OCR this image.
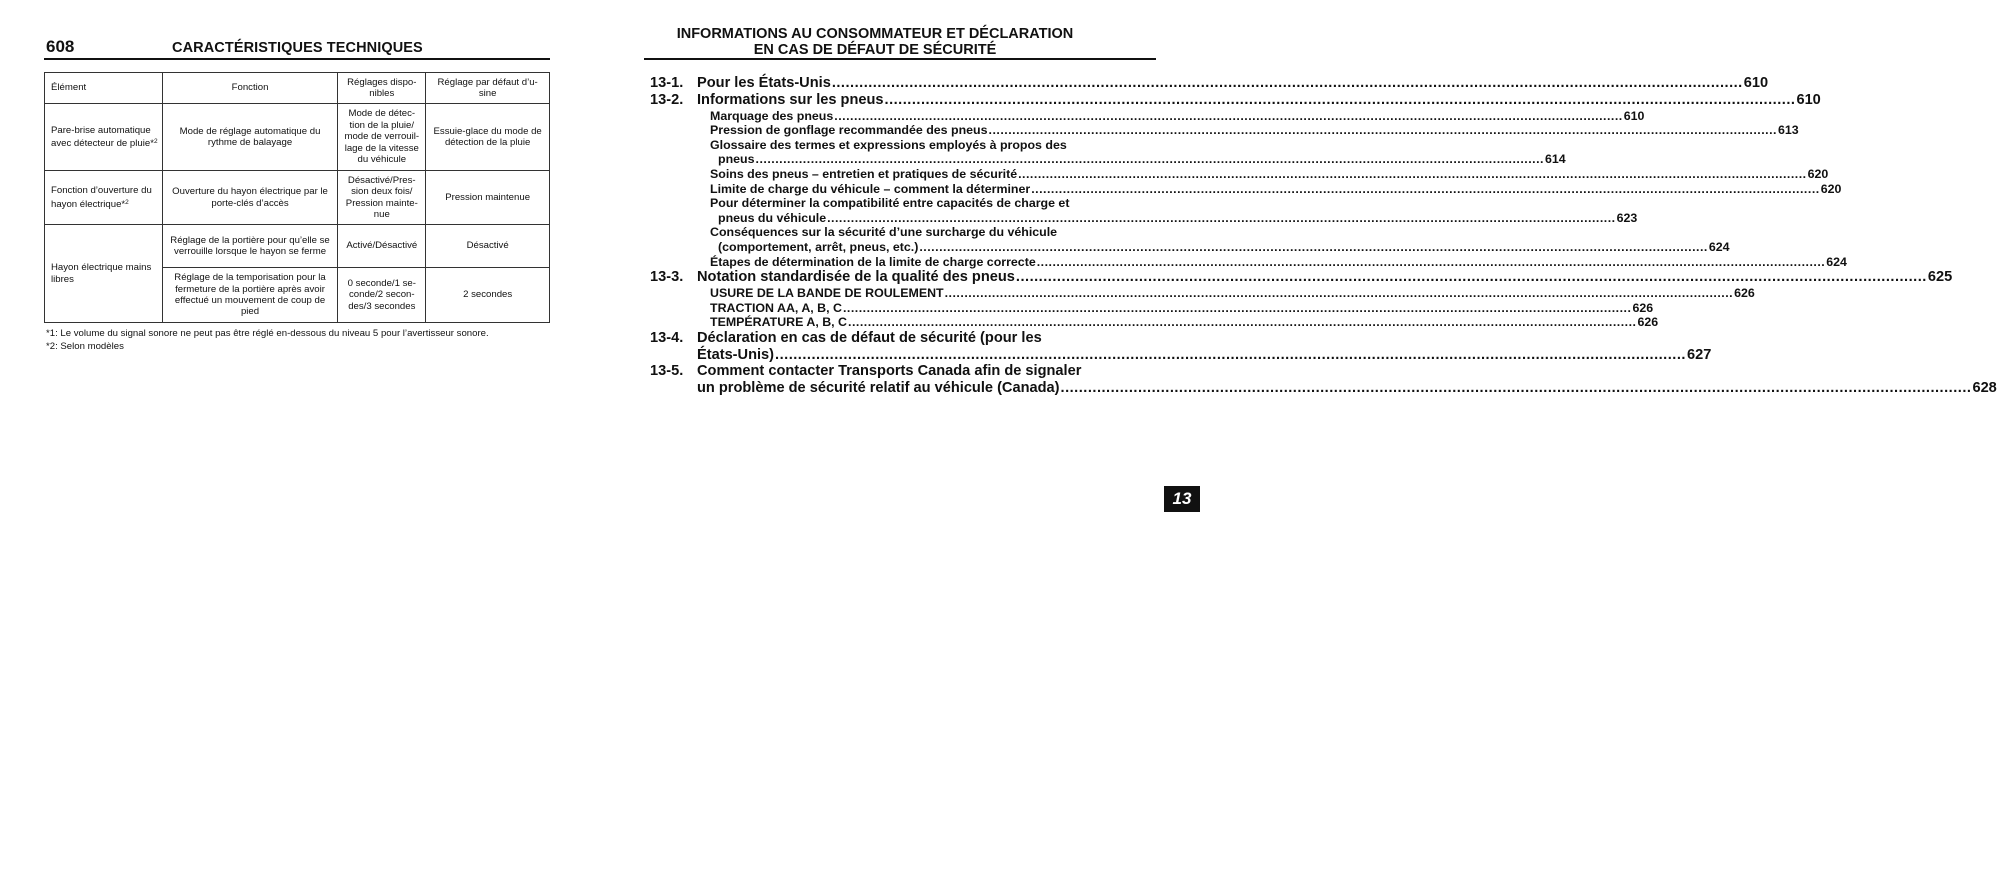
608	CARACTÉRISTIQUES TECHNIQUES
Élément	Fonction	Réglages dispo-nibles	Réglage par défaut d’u-sine
Pare-brise automatique avec détecteur de pluie*$^2$	Mode de réglage automatique du rythme de balayage	Mode de détec-tion de la pluie/ mode de verrouil-lage de la vitesse du véhicule	Essuie-glace du mode de détection de la pluie
Fonction d’ouverture du hayon électrique*$^2$	Ouverture du hayon électrique par le porte-clés d’accès	Désactivé/Pres-sion deux fois/ Pression mainte-nue	Pression maintenue
Hayon électrique mains libres	Réglage de la portière pour qu’elle se verrouille lorsque le hayon se ferme	Activé/Désactivé	Désactivé
	Réglage de la temporisation pour la fermeture de la portière après avoir effectué un mouvement de coup de pied	0 seconde/1 se-conde/2 secon-des/3 secondes	2 secondes
*1: Le volume du signal sonore ne peut pas être réglé en-dessous du niveau 5 pour l’avertisseur sonore.
*2: Selon modèles
INFORMATIONS AU CONSOMMATEUR ET DÉCLARATION
EN CAS DE DÉFAUT DE SÉCURITÉ
13-1. Pour les États-Unis .....	610
13-2. Informations sur les pneus .....	610
Marquage des pneus .....	610
Pression de gonflage recommandée des pneus .....	613
Glossaire des termes et expressions employés à propos des
pneus .....	614
Soins des pneus – entretien et pratiques de sécurité .....	620
Limite de charge du véhicule – comment la déterminer .....	620
Pour déterminer la compatibilité entre capacités de charge et
pneus du véhicule .....	623
Conséquences sur la sécurité d’une surcharge du véhicule
(comportement, arrêt, pneus, etc.) .....	624
Étapes de détermination de la limite de charge correcte .....	624
13-3. Notation standardisée de la qualité des pneus .....	625
USURE DE LA BANDE DE ROULEMENT .....	626
TRACTION AA, A, B, C .....	626
TEMPÉRATURE A, B, C .....	626
13-4. Déclaration en cas de défaut de sécurité (pour les
États-Unis) .....	627
13-5. Comment contacter Transports Canada afin de signaler
un problème de sécurité relatif au véhicule (Canada) .....	628
13
